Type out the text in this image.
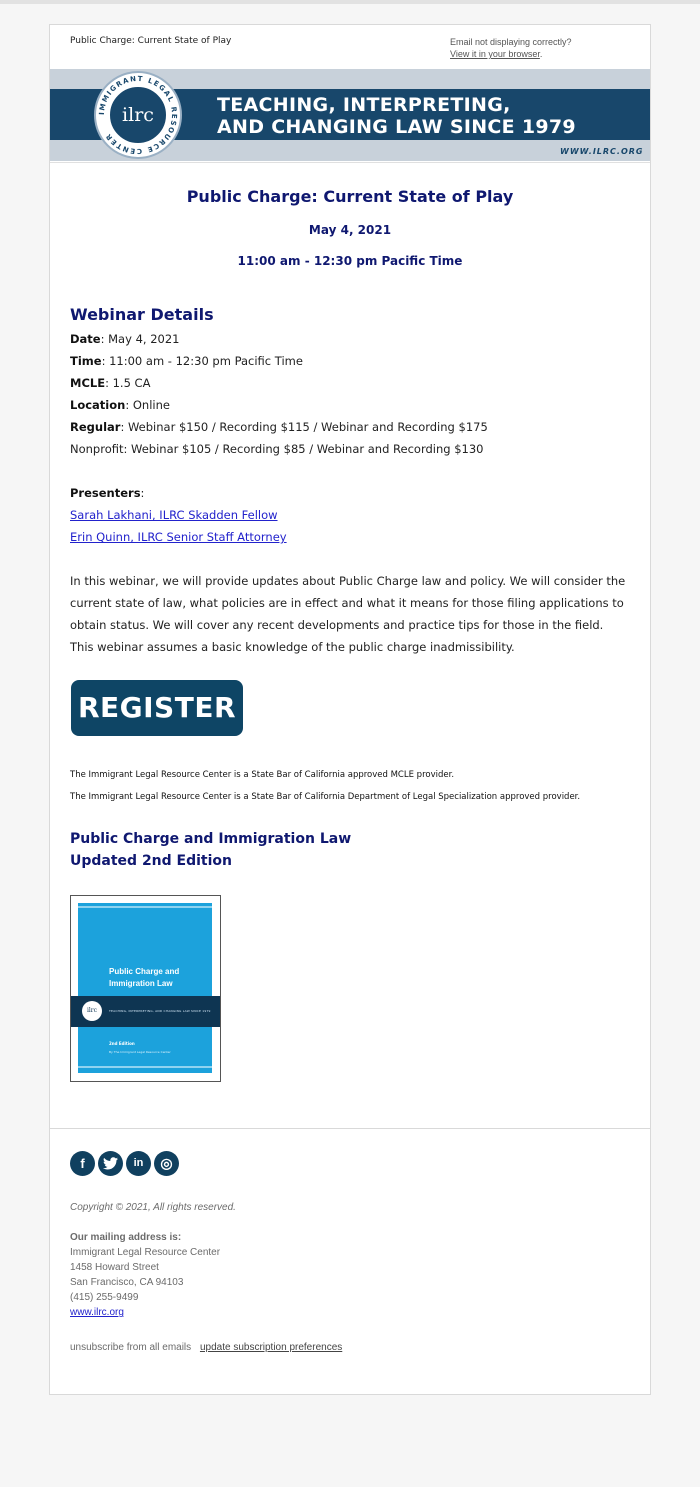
Public Charge: Current State of Play	Email not displaying correctly?
View it in your browser.
IMMIGRANT LEGAL RESOURCE CENTER
ilrc	TEACHING, INTERPRETING,
AND CHANGING LAW SINCE 1979
WWW.ILRC.ORG
Public Charge: Current State of Play
May 4, 2021
11:00 am - 12:30 pm Pacific Time
Webinar Details
Date: May 4, 2021
Time: 11:00 am - 12:30 pm Pacific Time
MCLE: 1.5 CA
Location: Online
Regular: Webinar $150 / Recording $115 / Webinar and Recording $175
Nonprofit: Webinar $105 / Recording $85 / Webinar and Recording $130
Presenters:
Sarah Lakhani, ILRC Skadden Fellow
Erin Quinn, ILRC Senior Staff Attorney
In this webinar, we will provide updates about Public Charge law and policy. We will consider the current state of law, what policies are in effect and what it means for those filing applications to obtain status. We will cover any recent developments and practice tips for those in the field. This webinar assumes a basic knowledge of the public charge inadmissibility.
REGISTER
The Immigrant Legal Resource Center is a State Bar of California approved MCLE provider.
The Immigrant Legal Resource Center is a State Bar of California Department of Legal Specialization approved provider.
Public Charge and Immigration Law
Updated 2nd Edition
Public Charge and
Immigration Law
ilrc	TEACHING, INTERPRETING, AND CHANGING LAW SINCE 1979
2nd Edition
By The Immigrant Legal Resource Center
f	in ◎
Copyright © 2021, All rights reserved.
Our mailing address is:
Immigrant Legal Resource Center
1458 Howard Street
San Francisco, CA 94103
(415) 255-9499
www.ilrc.org
unsubscribe from all emails update subscription preferences
